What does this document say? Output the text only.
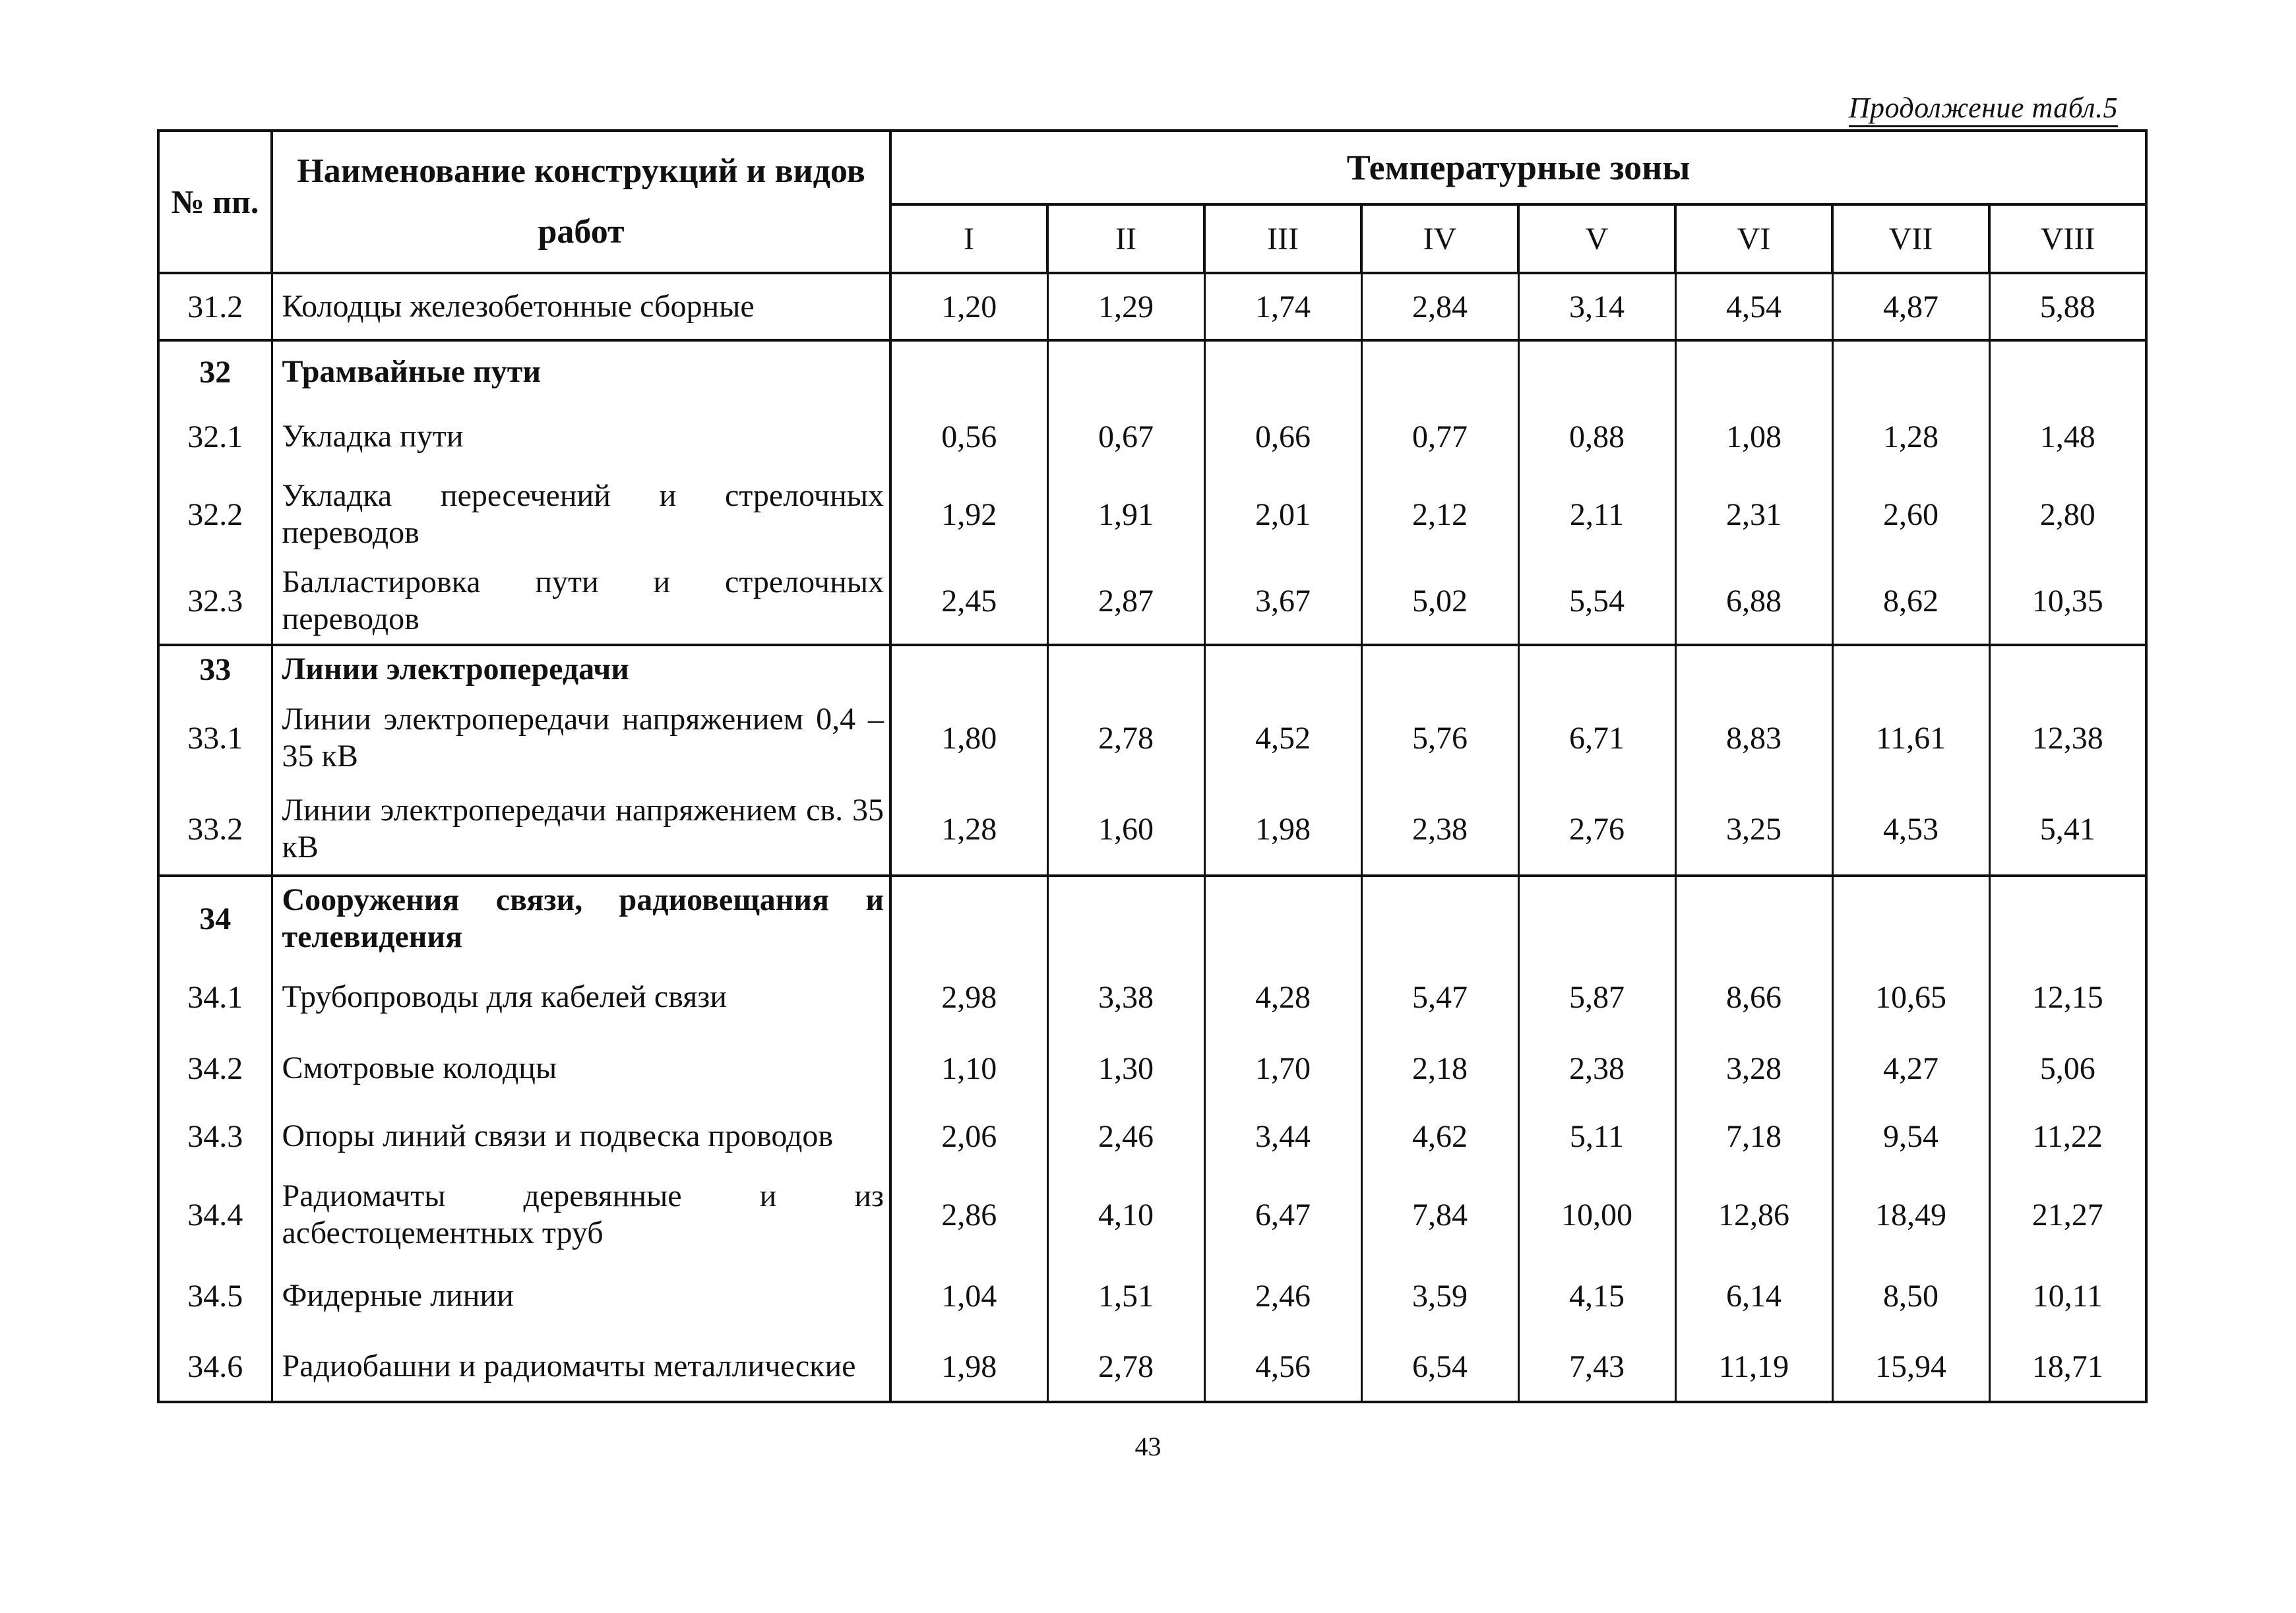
Продолжение табл.5
№ пп.	Наименование конструкций и видов работ	Температурные зоны							
		I	II	III	IV	V	VI	VII	VIII
31.2	Колодцы железобетонные сборные	1,20	1,29	1,74	2,84	3,14	4,54	4,87	5,88
32	Трамвайные пути								
32.1	Укладка пути	0,56	0,67	0,66	0,77	0,88	1,08	1,28	1,48
32.2	Укладка пересечений и стрелочных переводов	1,92	1,91	2,01	2,12	2,11	2,31	2,60	2,80
32.3	Балластировка пути и стрелочных переводов	2,45	2,87	3,67	5,02	5,54	6,88	8,62	10,35
33	Линии электропередачи								
33.1	Линии электропередачи напряжением 0,4 – 35 кВ	1,80	2,78	4,52	5,76	6,71	8,83	11,61	12,38
33.2	Линии электропередачи напряжением св. 35 кВ	1,28	1,60	1,98	2,38	2,76	3,25	4,53	5,41
34	Сооружения связи, радиовещания и телевидения								
34.1	Трубопроводы для кабелей связи	2,98	3,38	4,28	5,47	5,87	8,66	10,65	12,15
34.2	Смотровые колодцы	1,10	1,30	1,70	2,18	2,38	3,28	4,27	5,06
34.3	Опоры линий связи и подвеска проводов	2,06	2,46	3,44	4,62	5,11	7,18	9,54	11,22
34.4	Радиомачты деревянные и из асбестоцементных труб	2,86	4,10	6,47	7,84	10,00	12,86	18,49	21,27
34.5	Фидерные линии	1,04	1,51	2,46	3,59	4,15	6,14	8,50	10,11
34.6	Радиобашни и радиомачты металлические	1,98	2,78	4,56	6,54	7,43	11,19	15,94	18,71
43
